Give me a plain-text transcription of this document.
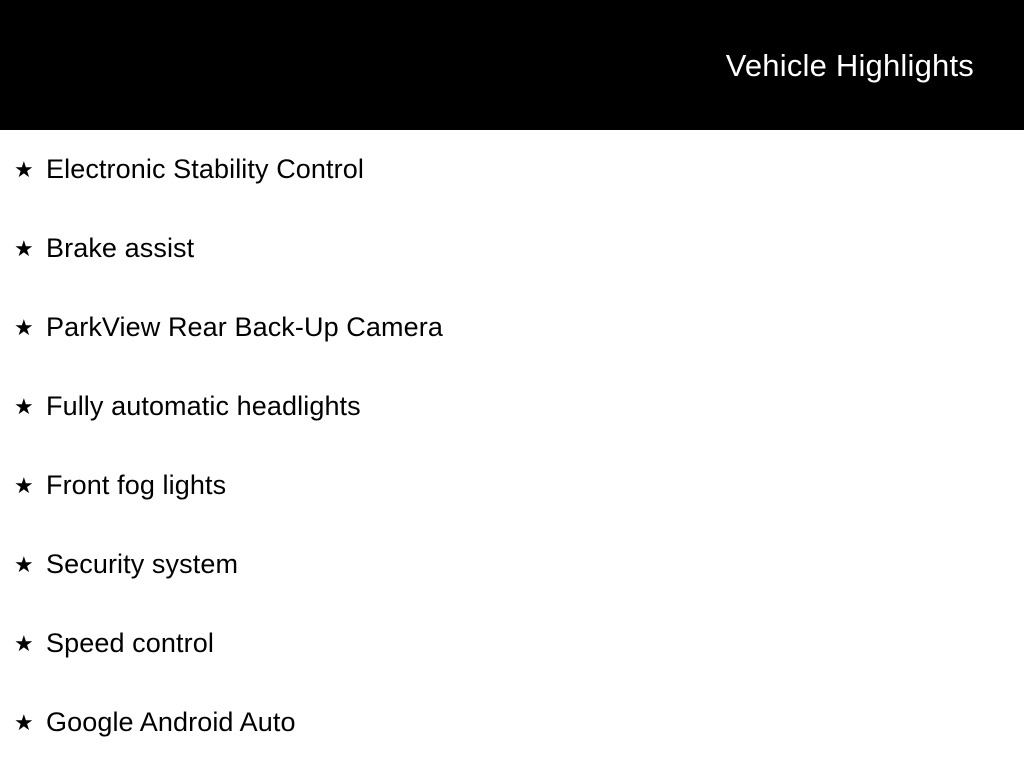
Vehicle Highlights
★ Electronic Stability Control
★ Brake assist
★ ParkView Rear Back-Up Camera
★ Fully automatic headlights
★ Front fog lights
★ Security system
★ Speed control
★ Google Android Auto
